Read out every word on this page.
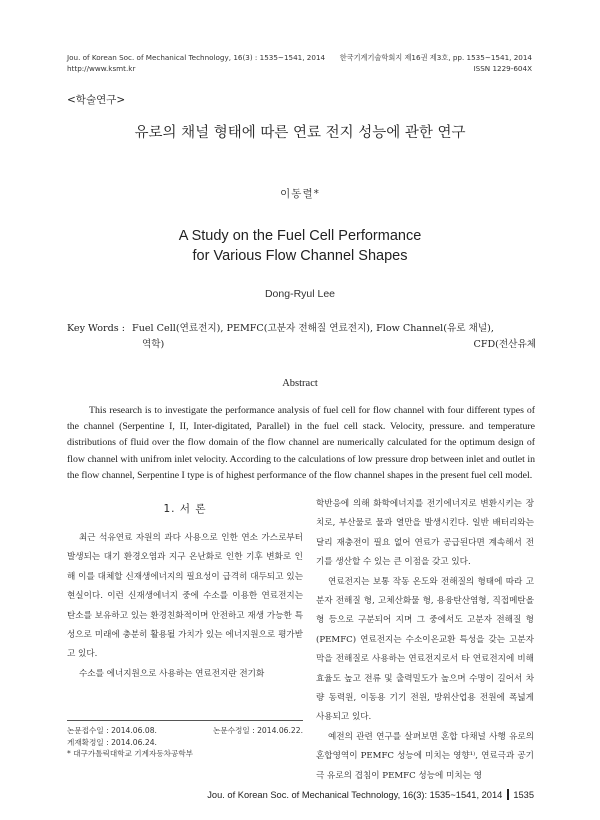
Jou. of Korean Soc. of Mechanical Technology, 16(3) : 1535~1541, 2014
http://www.ksmt.kr
한국기계기술학회지 제16권 제3호, pp. 1535~1541, 2014
ISSN 1229-604X
<학술연구>
유로의 채널 형태에 따른 연료 전지 성능에 관한 연구
이동렬*
A Study on the Fuel Cell Performance
for Various Flow Channel Shapes
Dong-Ryul Lee
Key Words : Fuel Cell(연료전지), PEMFC(고분자 전해질 연료전지), Flow Channel(유로 채널),
CFD(전산유체
역학)
Abstract
This research is to investigate the performance analysis of fuel cell for flow channel with four different types of the channel (Serpentine I, II, Inter-digitated, Parallel) in the fuel cell stack. Velocity, pressure. and temperature distributions of fluid over the flow domain of the flow channel are numerically calculated for the optimum design of flow channel with unifrom inlet velocity. According to the calculations of low pressure drop between inlet and outlet in the flow channel, Serpentine I type is of highest performance of the flow channel shapes in the present fuel cell model.
1. 서 론

최근 석유연료 자원의 과다 사용으로 인한 연소 가스로부터 발생되는 대기 환경오염과 지구 온난화로 인한 기후 변화로 인해 이를 대체할 신재생에너지의 필요성이 급격히 대두되고 있는 현실이다. 이런 신재생에너지 중에 수소를 이용한 연료전지는 탄소를 보유하고 있는 환경친화적이며 안전하고 재생 가능한 특성으로 미래에 충분히 활용될 가치가 있는 에너지원으로 평가받고 있다.

수소를 에너지원으로 사용하는 연료전지란 전기화

학반응에 의해 화학에너지를 전기에너지로 변환시키는 장치로, 부산물로 물과 열만을 발생시킨다. 일반 배터리와는 달리 재충전이 필요 없어 연료가 공급된다면 계속해서 전기를 생산할 수 있는 큰 이점을 갖고 있다.

연료전지는 보통 작동 온도와 전해질의 형태에 따라 고분자 전해질 형, 고체산화물 형, 용융탄산염형, 직접메탄올 형 등으로 구분되어 지며 그 중에서도 고분자 전해질 형(PEMFC) 연료전지는 수소이온교환 특성을 갖는 고분자 막을 전해질로 사용하는 연료전지로서 타 연료전지에 비해 효율도 높고 전류 및 출력밀도가 높으며 수명이 길어서 차량 동력원, 이동용 기기 전원, 방위산업용 전원에 폭넓게 사용되고 있다.

예전의 관련 연구를 살펴보면 혼합 다채널 사행 유로의 혼합영역이 PEMFC 성능에 미치는 영향¹⁾, 연료극과 공기극 유로의 겹침이 PEMFC 성능에 미치는 영

논문접수일 : 2014.06.08.	논문수정일 : 2014.06.22.
게재확정일 : 2014.06.24.
* 대구가톨릭대학교 기계자동차공학부
Jou. of Korean Soc. of Mechanical Technology, 16(3): 1535~1541, 2014 1535
